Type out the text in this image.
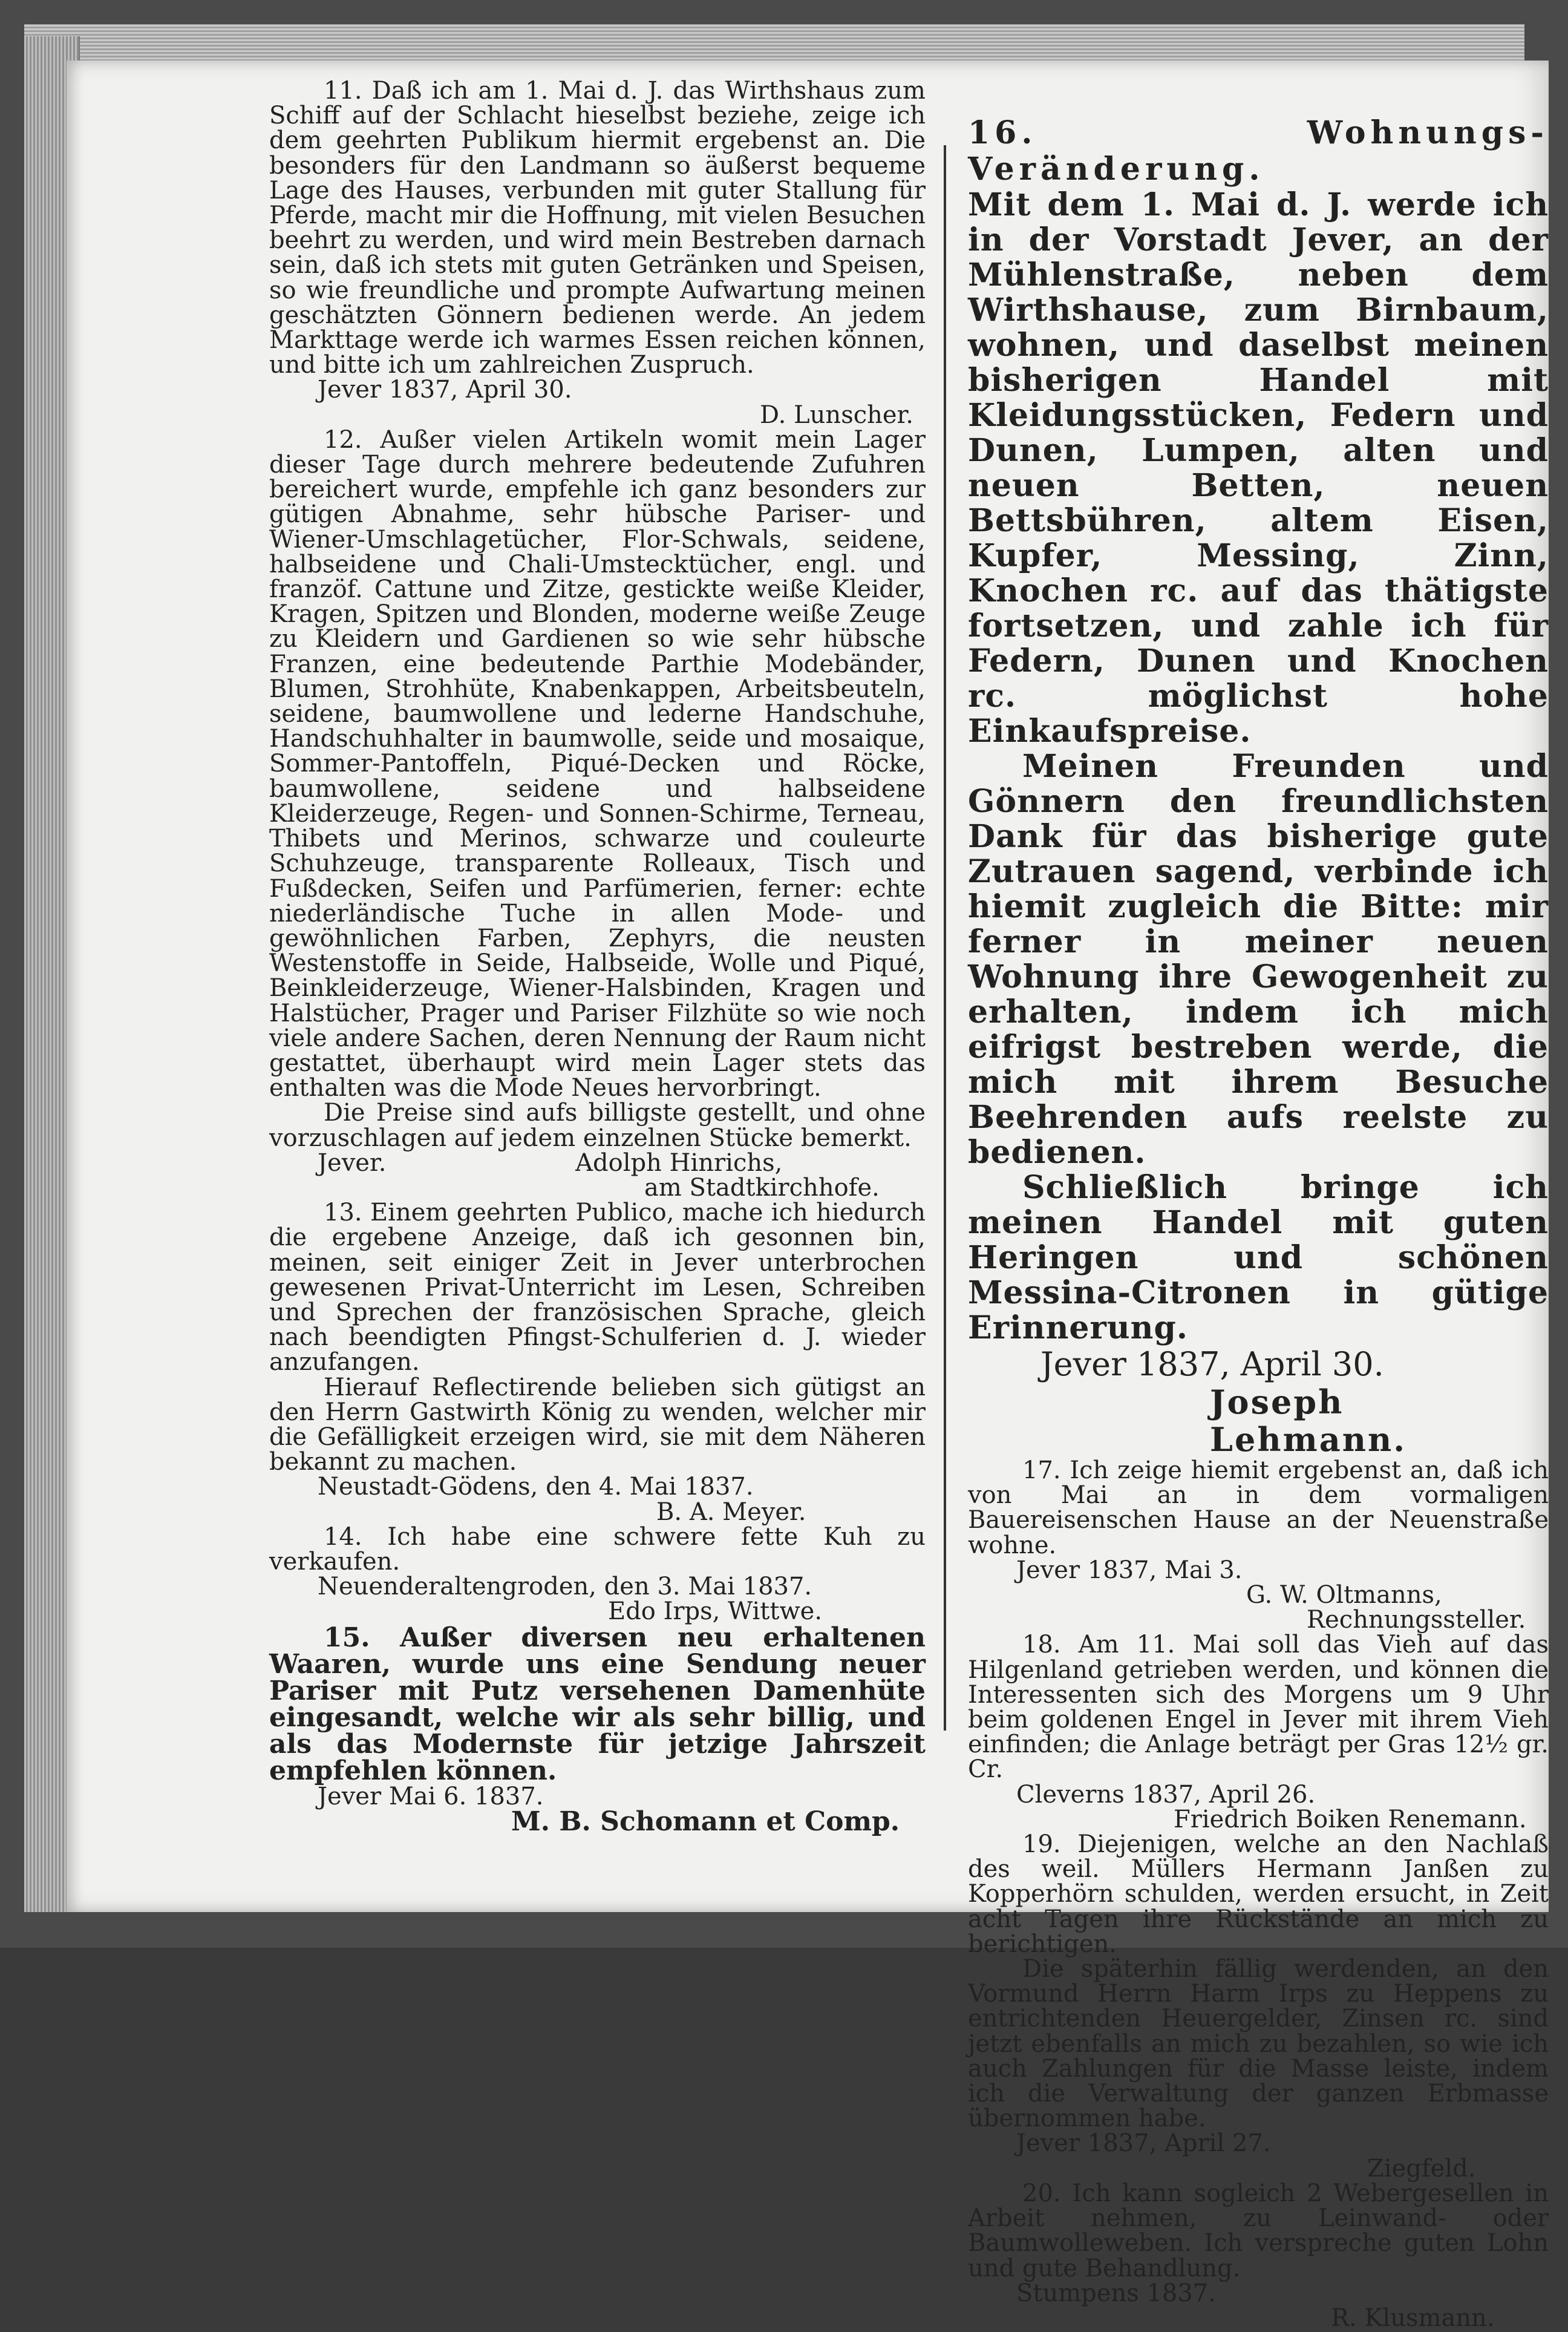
11. Daß ich am 1. Mai d. J. das Wirthshaus zum Schiff auf der Schlacht hieselbst beziehe, zeige ich dem geehrten Publikum hiermit ergebenst an. Die besonders für den Landmann so äußerst bequeme Lage des Hauses, verbunden mit guter Stallung für Pferde, macht mir die Hoffnung, mit vielen Besuchen beehrt zu werden, und wird mein Bestreben darnach sein, daß ich stets mit guten Getränken und Speisen, so wie freundliche und prompte Aufwartung meinen geschätzten Gönnern bedienen werde. An jedem Markttage werde ich warmes Essen reichen können, und bitte ich um zahlreichen Zuspruch.

Jever 1837, April 30.

D. Lunscher.

12. Außer vielen Artikeln womit mein Lager dieser Tage durch mehrere bedeutende Zufuhren bereichert wurde, empfehle ich ganz besonders zur gütigen Abnahme, sehr hübsche Pariser- und Wiener-Umschlagetücher, Flor-Schwals, seidene, halbseidene und Chali-Umstecktücher, engl. und franzöf. Cattune und Zitze, gestickte weiße Kleider, Kragen, Spitzen und Blonden, moderne weiße Zeuge zu Kleidern und Gardienen so wie sehr hübsche Franzen, eine bedeutende Parthie Modebänder, Blumen, Strohhüte, Knabenkappen, Arbeitsbeuteln, seidene, baumwollene und lederne Handschuhe, Handschuhhalter in baumwolle, seide und mosaique, Sommer-Pantoffeln, Piqué-Decken und Röcke, baumwollene, seidene und halbseidene Kleiderzeuge, Regen- und Sonnen-Schirme, Terneau, Thibets und Merinos, schwarze und coulеurte Schuhzeuge, transparente Rolleaux, Tisch und Fußdecken, Seifen und Parfümerien, ferner: echte niederländische Tuche in allen Mode- und gewöhnlichen Farben, Zephyrs, die neusten Westenstoffe in Seide, Halbseide, Wolle und Piqué, Beinkleiderzeuge, Wiener-Halsbinden, Kragen und Halstücher, Prager und Pariser Filzhüte so wie noch viele andere Sachen, deren Nennung der Raum nicht gestattet, überhaupt wird mein Lager stets das enthalten was die Mode Neues hervorbringt.

Die Preise sind aufs billigste gestellt, und ohne vorzuschlagen auf jedem einzelnen Stücke bemerkt.

Jever.	Adolph Hinrichs,

am Stadtkirchhofe.

13. Einem geehrten Publico, mache ich hiedurch die ergebene Anzeige, daß ich gesonnen bin, meinen, seit einiger Zeit in Jever unterbrochen gewesenen Privat-Unterricht im Lesen, Schreiben und Sprechen der französischen Sprache, gleich nach beendigten Pfingst-Schulferien d. J. wieder anzufangen.

Hierauf Reflectirende belieben sich gütigst an den Herrn Gastwirth König zu wenden, welcher mir die Gefälligkeit erzeigen wird, sie mit dem Näheren bekannt zu machen.

Neustadt-Gödens, den 4. Mai 1837.

B. A. Meyer.

14. Ich habe eine schwere fette Kuh zu verkaufen.

Neuenderaltengroden, den 3. Mai 1837.

Edo Irps, Wittwe.

15. Außer diversen neu erhaltenen Waaren, wurde uns eine Sendung neuer Pariser mit Putz versehenen Damenhüte eingesandt, welche wir als sehr billig, und als das Modernste für jetzige Jahrszeit empfehlen können.

Jever Mai 6. 1837.

M. B. Schomann et Comp.

16. Wohnungs-Veränderung.

Mit dem 1. Mai d. J. werde ich in der Vorstadt Jever, an der Mühlenstraße, neben dem Wirthshause, zum Birnbaum, wohnen, und daselbst meinen bisherigen Handel mit Kleidungsstücken, Federn und Dunen, Lumpen, alten und neuen Betten, neuen Bettsbühren, altem Eisen, Kupfer, Messing, Zinn, Knochen rc. auf das thätigste fortsetzen, und zahle ich für Federn, Dunen und Knochen rc. möglichst hohe Einkaufspreise.

Meinen Freunden und Gönnern den freundlichsten Dank für das bisherige gute Zutrauen sagend, verbinde ich hiemit zugleich die Bitte: mir ferner in meiner neuen Wohnung ihre Gewogenheit zu erhalten, indem ich mich eifrigst bestreben werde, die mich mit ihrem Besuche Beehrenden aufs reelste zu bedienen.

Schließlich bringe ich meinen Handel mit guten Heringen und schönen Messina-Citronen in gütige Erinnerung.

Jever 1837, April 30.

Joseph Lehmann.

17. Ich zeige hiemit ergebenst an, daß ich von Mai an in dem vormaligen Bauereisenschen Hause an der Neuenstraße wohne.

Jever 1837, Mai 3.

G. W. Oltmanns,

Rechnungssteller.

18. Am 11. Mai soll das Vieh auf das Hilgenland getrieben werden, und können die Interessenten sich des Morgens um 9 Uhr beim goldenen Engel in Jever mit ihrem Vieh einfinden; die Anlage beträgt per Gras 12½ gr. Cr.

Clеverns 1837, April 26.

Friedrich Boiken Renemann.

19. Diejenigen, welche an den Nachlaß des weil. Müllers Hermann Janßen zu Kopperhörn schulden, werden ersucht, in Zeit acht Tagen ihre Rückstände an mich zu berichtigen.

Die späterhin fällig werdenden, an den Vormund Herrn Harm Irps zu Heppens zu entrichtenden Heuergelder, Zinsen rc. sind jetzt ebenfalls an mich zu bezahlen, so wie ich auch Zahlungen für die Masse leiste, indem ich die Verwaltung der ganzen Erbmasse übernommen habe.

Jever 1837, April 27.

Ziegfeld.

20. Ich kann sogleich 2 Webergesellen in Arbeit nehmen, zu Leinwand- oder Baumwolleweben. Ich verspreche guten Lohn und gute Behandlung.

Stumpens 1837.

R. Klusmann.
